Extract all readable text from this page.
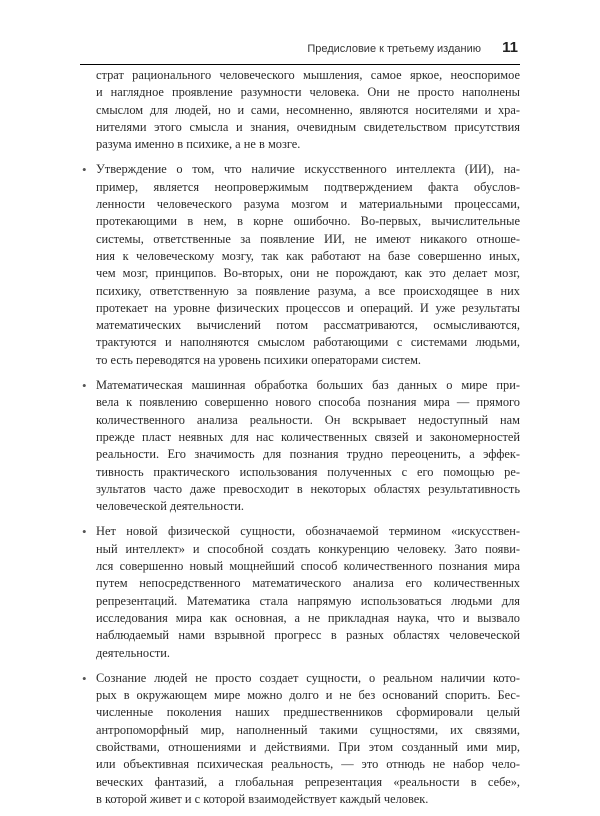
Предисловие к третьему изданию 11
страт рационального человеческого мышления, самое яркое, неоспоримое
и наглядное проявление разумности человека. Они не просто наполнены
смыслом для людей, но и сами, несомненно, являются носителями и хра-
нителями этого смысла и знания, очевидным свидетельством присутствия
разума именно в психике, а не в мозге.
• Утверждение о том, что наличие искусственного интеллекта (ИИ), на-
пример, является неопровержимым подтверждением факта обуслов-
ленности человеческого разума мозгом и материальными процессами,
протекающими в нем, в корне ошибочно. Во-первых, вычислительные
системы, ответственные за появление ИИ, не имеют никакого отноше-
ния к человеческому мозгу, так как работают на базе совершенно иных,
чем мозг, принципов. Во-вторых, они не порождают, как это делает мозг,
психику, ответственную за появление разума, а все происходящее в них
протекает на уровне физических процессов и операций. И уже результаты
математических вычислений потом рассматриваются, осмысливаются,
трактуются и наполняются смыслом работающими с системами людьми,
то есть переводятся на уровень психики операторами систем.
• Математическая машинная обработка больших баз данных о мире при-
вела к появлению совершенно нового способа познания мира — прямого
количественного анализа реальности. Он вскрывает недоступный нам
прежде пласт неявных для нас количественных связей и закономерностей
реальности. Его значимость для познания трудно переоценить, а эффек-
тивность практического использования полученных с его помощью ре-
зультатов часто даже превосходит в некоторых областях результативность
человеческой деятельности.
• Нет новой физической сущности, обозначаемой термином «искусствен-
ный интеллект» и способной создать конкуренцию человеку. Зато появи-
лся совершенно новый мощнейший способ количественного познания мира
путем непосредственного математического анализа его количественных
репрезентаций. Математика стала напрямую использоваться людьми для
исследования мира как основная, а не прикладная наука, что и вызвало
наблюдаемый нами взрывной прогресс в разных областях человеческой
деятельности.
• Сознание людей не просто создает сущности, о реальном наличии кото-
рых в окружающем мире можно долго и не без оснований спорить. Бес-
численные поколения наших предшественников сформировали целый
антропоморфный мир, наполненный такими сущностями, их связями,
свойствами, отношениями и действиями. При этом созданный ими мир,
или объективная психическая реальность, — это отнюдь не набор чело-
веческих фантазий, а глобальная репрезентация «реальности в себе»,
в которой живет и с которой взаимодействует каждый человек.
